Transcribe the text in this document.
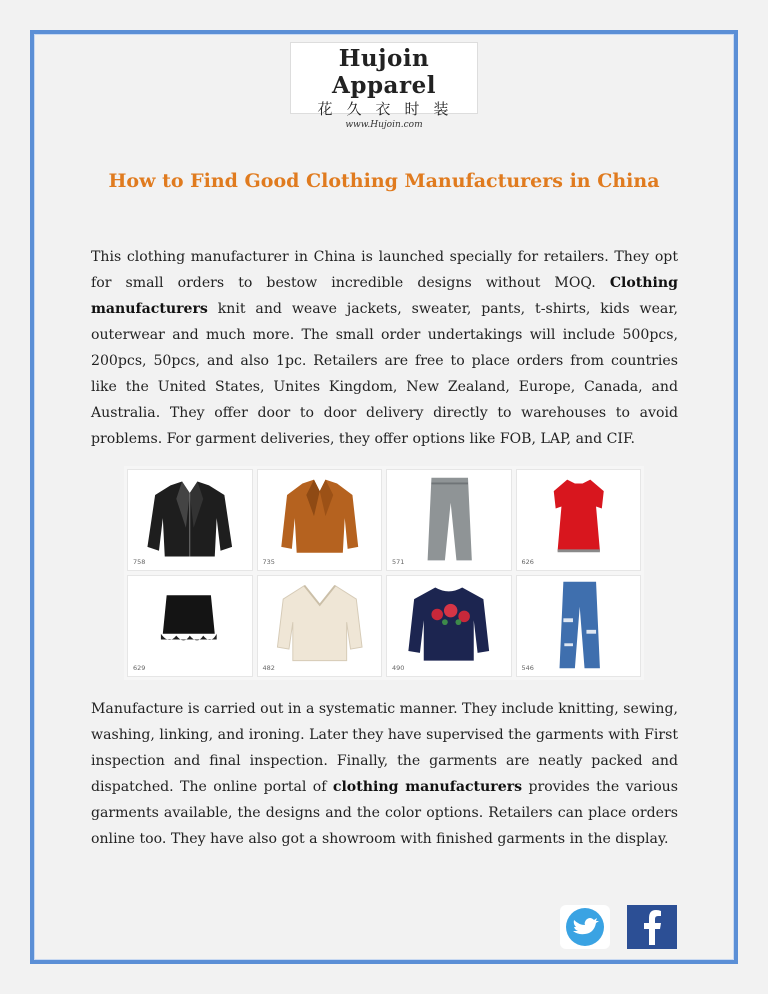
Hujoin Apparel
花久衣时装
www.Hujoin.com
How to Find Good Clothing Manufacturers in China
This clothing manufacturer in China is launched specially for retailers. They opt for small orders to bestow incredible designs without MOQ. Clothing manufacturers knit and weave jackets, sweater, pants, t-shirts, kids wear, outerwear and much more. The small order undertakings will include 500pcs, 200pcs, 50pcs, and also 1pc. Retailers are free to place orders from countries like the United States, Unites Kingdom, New Zealand, Europe, Canada, and Australia. They offer door to door delivery directly to warehouses to avoid problems. For garment deliveries, they offer options like FOB, LAP, and CIF.
758	735	571	626
629	482	490	546
Manufacture is carried out in a systematic manner. They include knitting, sewing, washing, linking, and ironing. Later they have supervised the garments with First inspection and final inspection. Finally, the garments are neatly packed and dispatched. The online portal of clothing manufacturers provides the various garments available, the designs and the color options. Retailers can place orders online too. They have also got a showroom with finished garments in the display.
